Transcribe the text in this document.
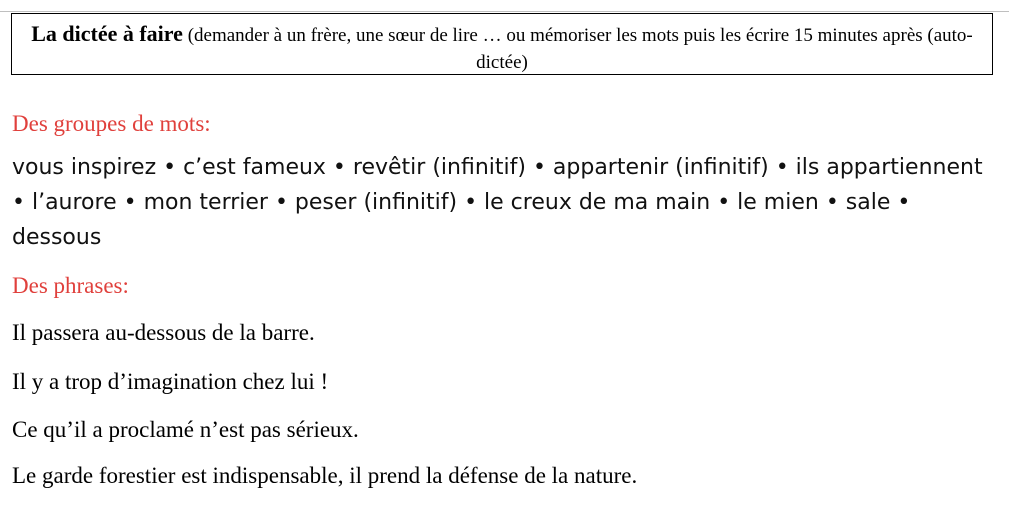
La dictée à faire (demander à un frère, une sœur de lire … ou mémoriser les mots puis les écrire 15 minutes après (auto-dictée)
Des groupes de mots:
vous inspirez • c’est fameux • revêtir (infinitif) • appartenir (infinitif) • ils appartiennent • l’aurore • mon terrier • peser (infinitif) • le creux de ma main • le mien • sale • dessous
Des phrases:
Il passera au-dessous de la barre.
Il y a trop d’imagination chez lui !
Ce qu’il a proclamé n’est pas sérieux.
Le garde forestier est indispensable, il prend la défense de la nature.
